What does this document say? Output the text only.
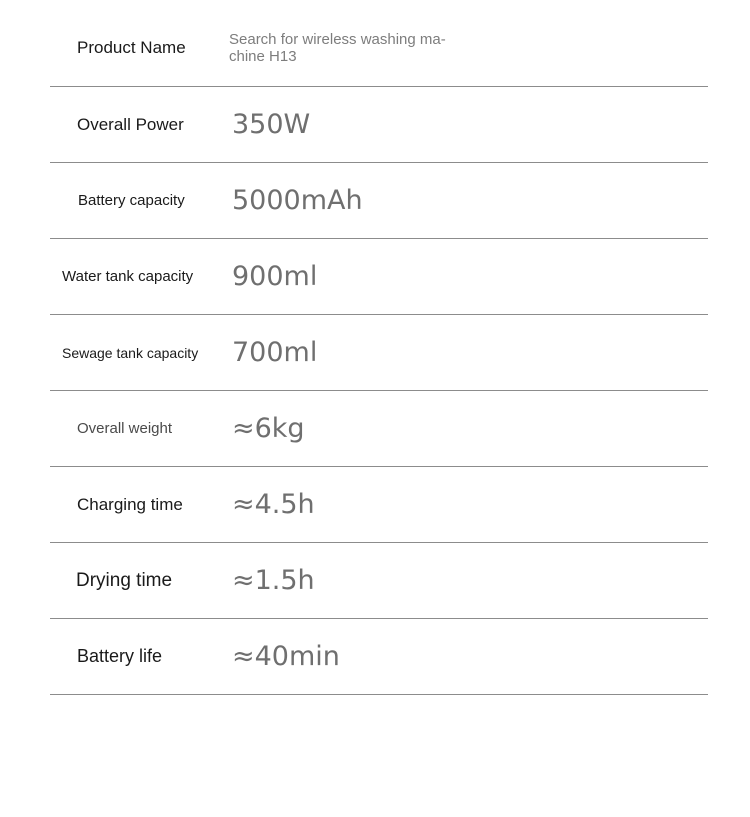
Product Name	Search for wireless washing ma-chine H13
Overall Power 350W
Battery capacity 5000mAh
Water tank capacity 900ml
Sewage tank capacity 700ml
Overall weight ≈6kg
Charging time ≈4.5h
Drying time ≈1.5h
Battery life	≈40min
